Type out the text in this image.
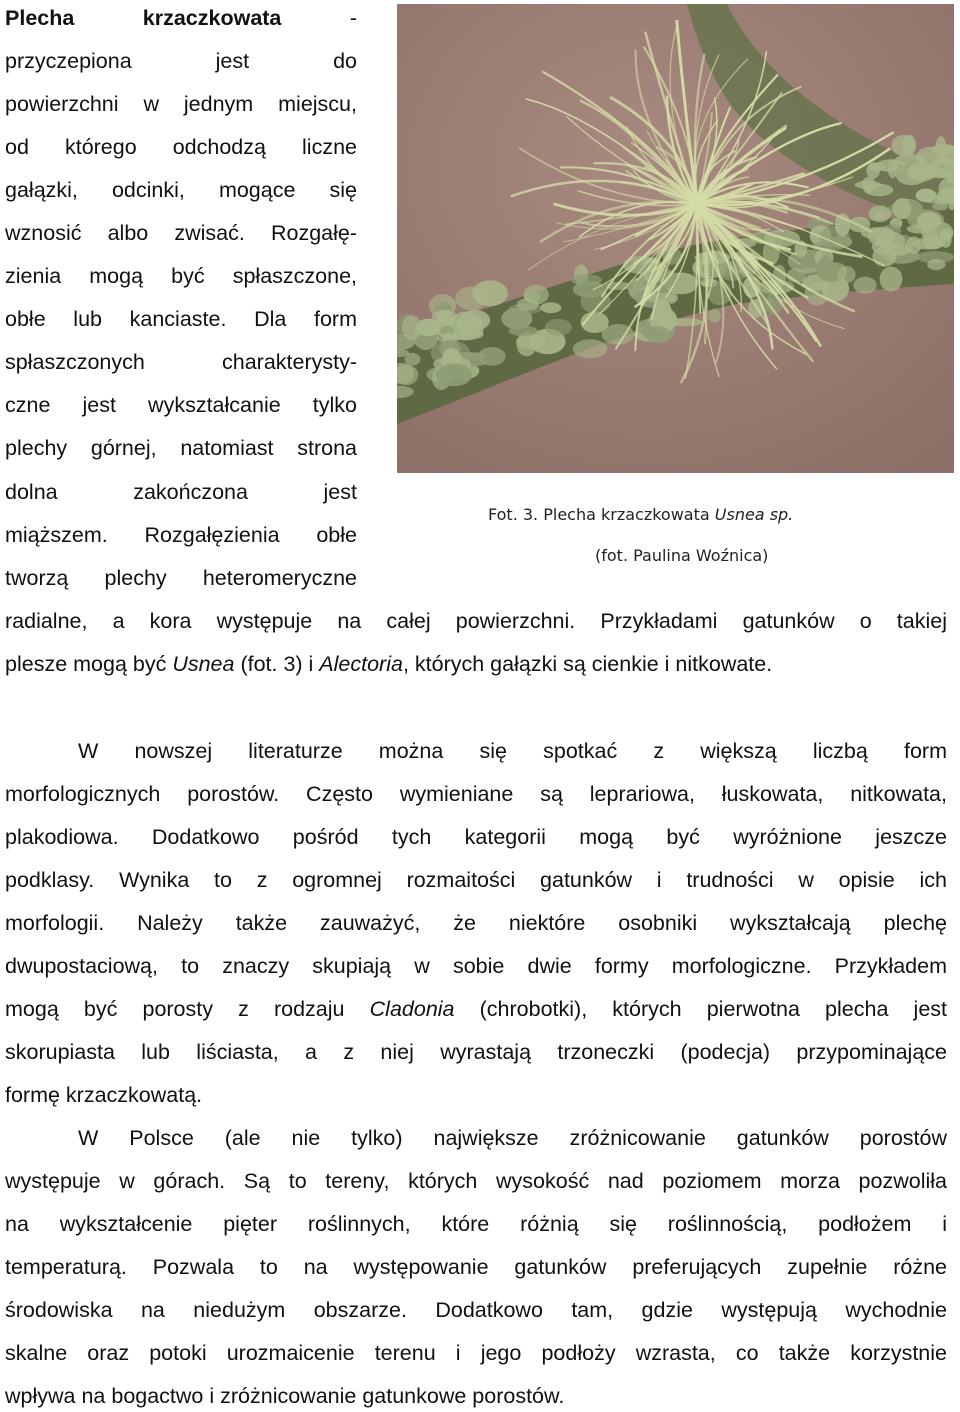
Plecha krzaczkowata -

przyczepiona jest do

powierzchni w jednym miejscu,

od którego odchodzą liczne

gałązki, odcinki, mogące się

wznosić albo zwisać. Rozgałę-

zienia mogą być spłaszczone,

obłe lub kanciaste. Dla form

spłaszczonych charakterysty-

czne jest wykształcanie tylko

plechy górnej, natomiast strona

dolna zakończona jest

miąższem. Rozgałęzienia obłe

tworzą plechy heteromeryczne

Fot. 3. Plecha krzaczkowata Usnea sp.
(fot. Paulina Woźnica)

radialne, a kora występuje na całej powierzchni. Przykładami gatunków o takiej

plesze mogą być Usnea (fot. 3) i Alectoria, których gałązki są cienkie i nitkowate.

W nowszej literaturze można się spotkać z większą liczbą form

morfologicznych porostów. Często wymieniane są leprariowa, łuskowata, nitkowata,

plakodiowa. Dodatkowo pośród tych kategorii mogą być wyróżnione jeszcze

podklasy. Wynika to z ogromnej rozmaitości gatunków i trudności w opisie ich

morfologii. Należy także zauważyć, że niektóre osobniki wykształcają plechę

dwupostaciową, to znaczy skupiają w sobie dwie formy morfologiczne. Przykładem

mogą być porosty z rodzaju Cladonia (chrobotki), których pierwotna plecha jest

skorupiasta lub liściasta, a z niej wyrastają trzoneczki (podecja) przypominające

formę krzaczkowatą.

W Polsce (ale nie tylko) największe zróżnicowanie gatunków porostów

występuje w górach. Są to tereny, których wysokość nad poziomem morza pozwoliła

na wykształcenie pięter roślinnych, które różnią się roślinnością, podłożem i

temperaturą. Pozwala to na występowanie gatunków preferujących zupełnie różne

środowiska na niedużym obszarze. Dodatkowo tam, gdzie występują wychodnie

skalne oraz potoki urozmaicenie terenu i jego podłoży wzrasta, co także korzystnie

wpływa na bogactwo i zróżnicowanie gatunkowe porostów.
